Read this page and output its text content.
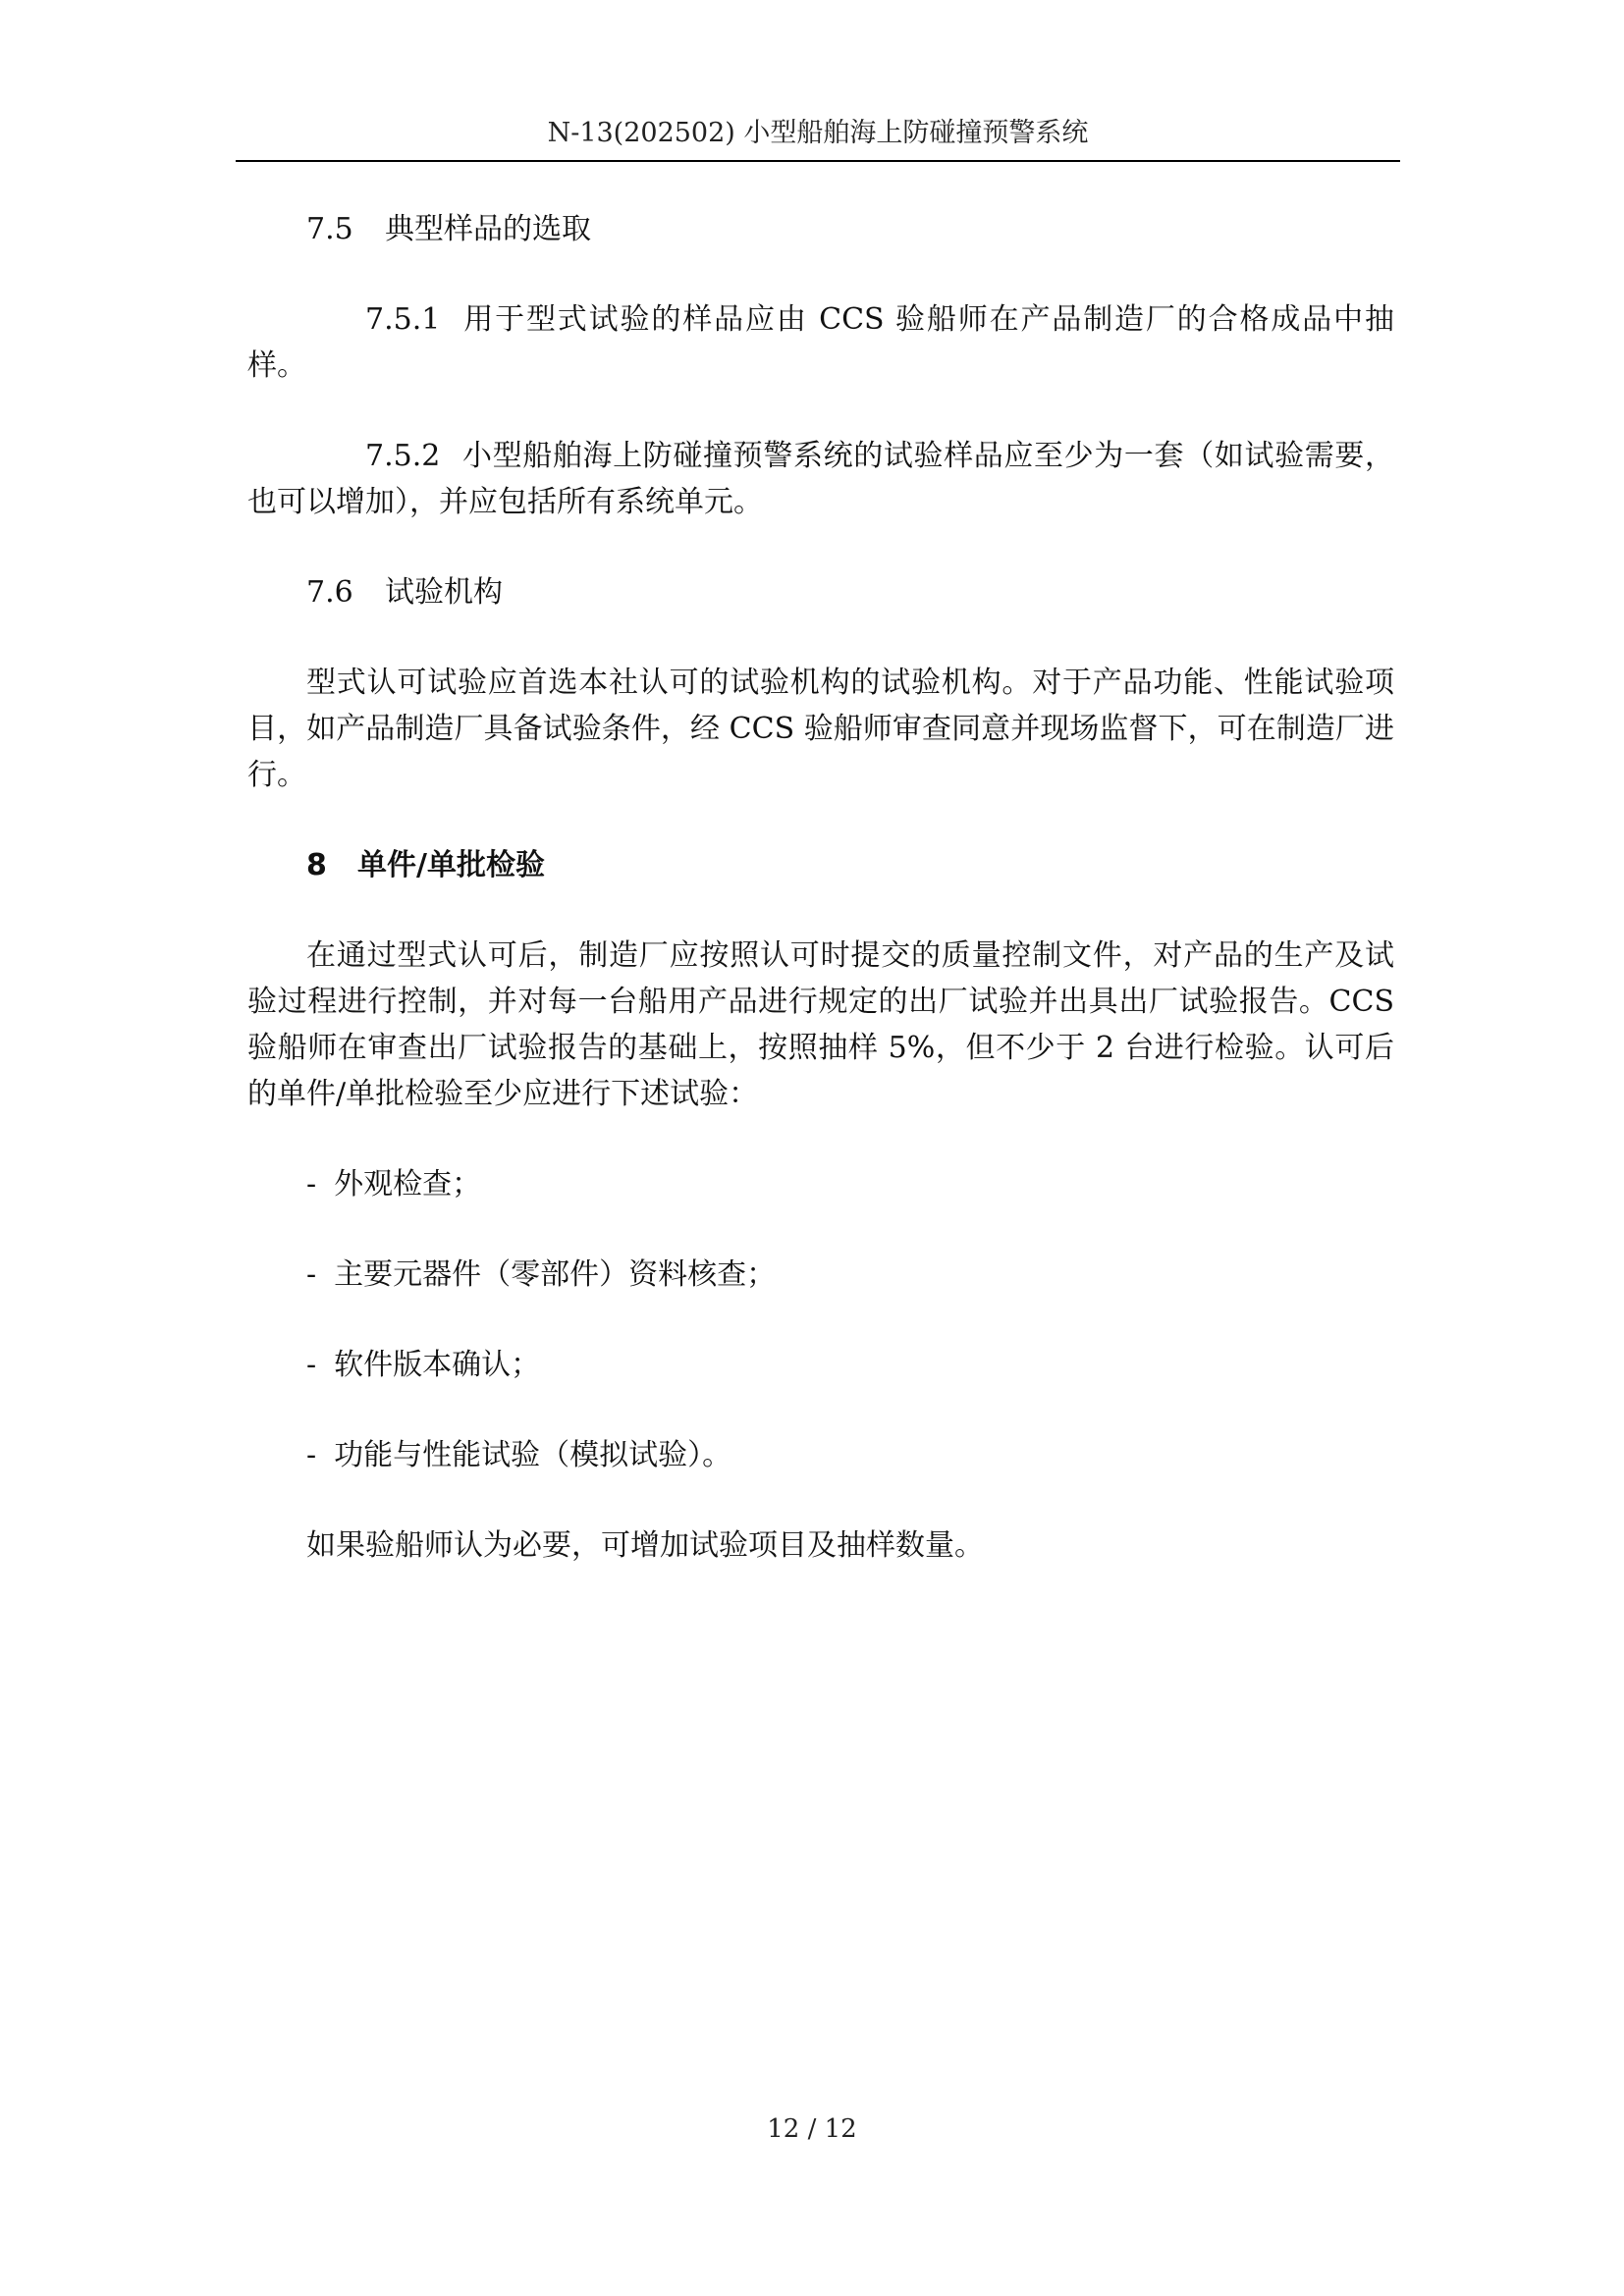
N-13(202502) 小型船舶海上防碰撞预警系统
7.5 典型样品的选取

7.5.1 用于型式试验的样品应由 CCS 验船师在产品制造厂的合格成品中抽样。

7.5.2 小型船舶海上防碰撞预警系统的试验样品应至少为一套（如试验需要，也可以增加），并应包括所有系统单元。

7.6 试验机构

型式认可试验应首选本社认可的试验机构的试验机构。对于产品功能、性能试验项目，如产品制造厂具备试验条件，经 CCS 验船师审查同意并现场监督下，可在制造厂进行。

8 单件/单批检验

在通过型式认可后，制造厂应按照认可时提交的质量控制文件，对产品的生产及试验过程进行控制，并对每一台船用产品进行规定的出厂试验并出具出厂试验报告。CCS 验船师在审查出厂试验报告的基础上，按照抽样 5%，但不少于 2 台进行检验。认可后的单件/单批检验至少应进行下述试验：

- 外观检查；
- 主要元器件（零部件）资料核查；
- 软件版本确认；
- 功能与性能试验（模拟试验）。

如果验船师认为必要，可增加试验项目及抽样数量。

12 / 12
